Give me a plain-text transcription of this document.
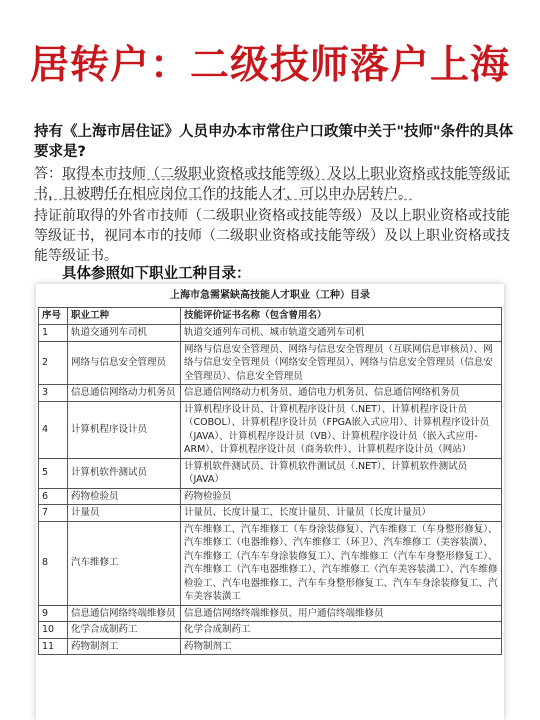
居转户：二级技师落户上海
持有《上海市居住证》人员申办本市常住户口政策中关于"技师"条件的具体要求是?
答：取得本市技师（二级职业资格或技能等级）及以上职业资格或技能等级证书，且被聘任在相应岗位工作的技能人才，可以申办居转户。
持证前取得的外省市技师（二级职业资格或技能等级）及以上职业资格或技能等级证书，视同本市的技师（二级职业资格或技能等级）及以上职业资格或技能等级证书。
具体参照如下职业工种目录：
上海市急需紧缺高技能人才职业（工种）目录
序号	职业工种	技能评价证书名称（包含曾用名）
1	轨道交通列车司机	轨道交通列车司机、城市轨道交通列车司机
2	网络与信息安全管理员	网络与信息安全管理员、网络与信息安全管理员（互联网信息审核员）、网络与信息安全管理员（网络安全管理员）、网络与信息安全管理员（信息安全管理员）、信息安全管理员
3	信息通信网络动力机务员	信息通信网络动力机务员、通信电力机务员、信息通信网络机务员
4	计算机程序设计员	计算机程序设计员、计算机程序设计员（.NET）、计算机程序设计员（COBOL）、计算机程序设计员（FPGA嵌入式应用）、计算机程序设计员（JAVA）、计算机程序设计员（VB）、计算机程序设计员（嵌入式应用-ARM）、计算机程序设计员（商务软件）、计算机程序设计员（网站）
5	计算机软件测试员	计算机软件测试员、计算机软件测试员（.NET）、计算机软件测试员（JAVA）
6	药物检验员	药物检验员
7	计量员	计量员、长度计量工、长度计量员、计量员（长度计量员）
8	汽车维修工	汽车维修工、汽车维修工（车身涂装修复）、汽车维修工（车身整形修复）、汽车维修工（电器维修）、汽车维修工（环卫）、汽车维修工（美容装潢）、汽车维修工（汽车车身涂装修复工）、汽车维修工（汽车车身整形修复工）、汽车维修工（汽车电器维修工）、汽车维修工（汽车美容装潢工）、汽车维修检验工、汽车电器维修工、汽车车身整形修复工、汽车车身涂装修复工、汽车美容装潢工
9	信息通信网络终端维修员	信息通信网络终端维修员、用户通信终端维修员
10	化学合成制药工	化学合成制药工
11	药物制剂工	药物制剂工
